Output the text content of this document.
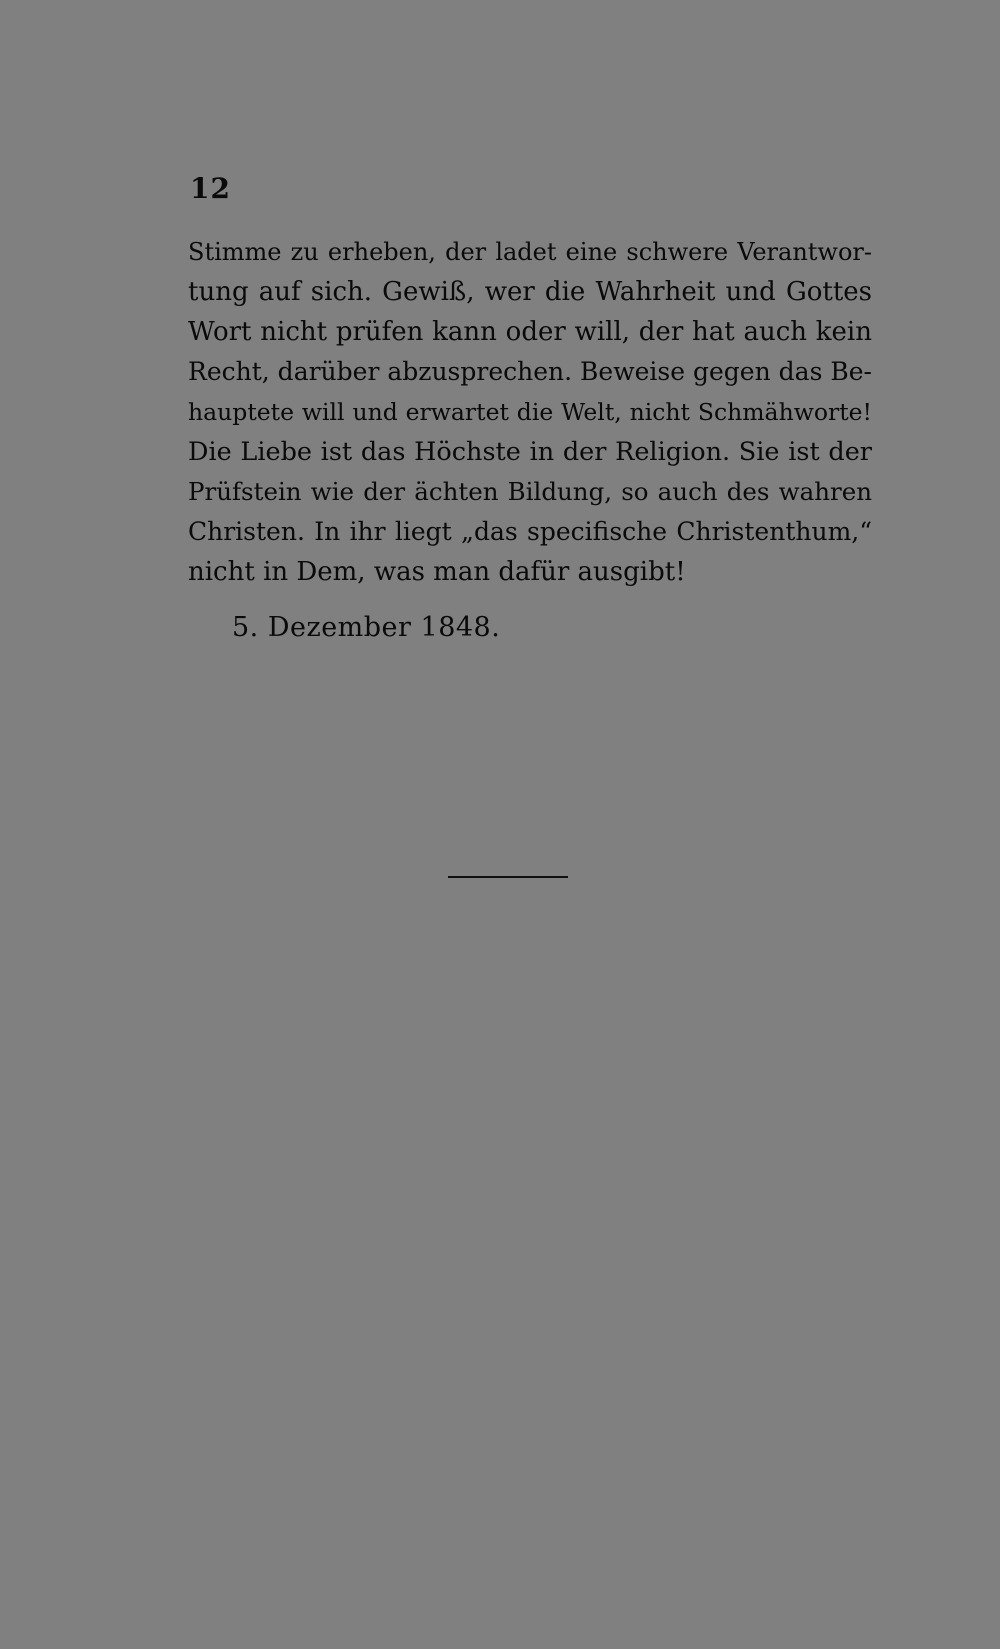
12
Stimme zu erheben, der ladet eine schwere Verantwor-
tung auf sich. Gewiß, wer die Wahrheit und Gottes
Wort nicht prüfen kann oder will, der hat auch kein
Recht, darüber abzusprechen. Beweise gegen das Be-
hauptete will und erwartet die Welt, nicht Schmähworte!
Die Liebe ist das Höchste in der Religion. Sie ist der
Prüfstein wie der ächten Bildung, so auch des wahren
Christen. In ihr liegt „das specifische Christenthum,“
nicht in Dem, was man dafür ausgibt!
5. Dezember 1848.
